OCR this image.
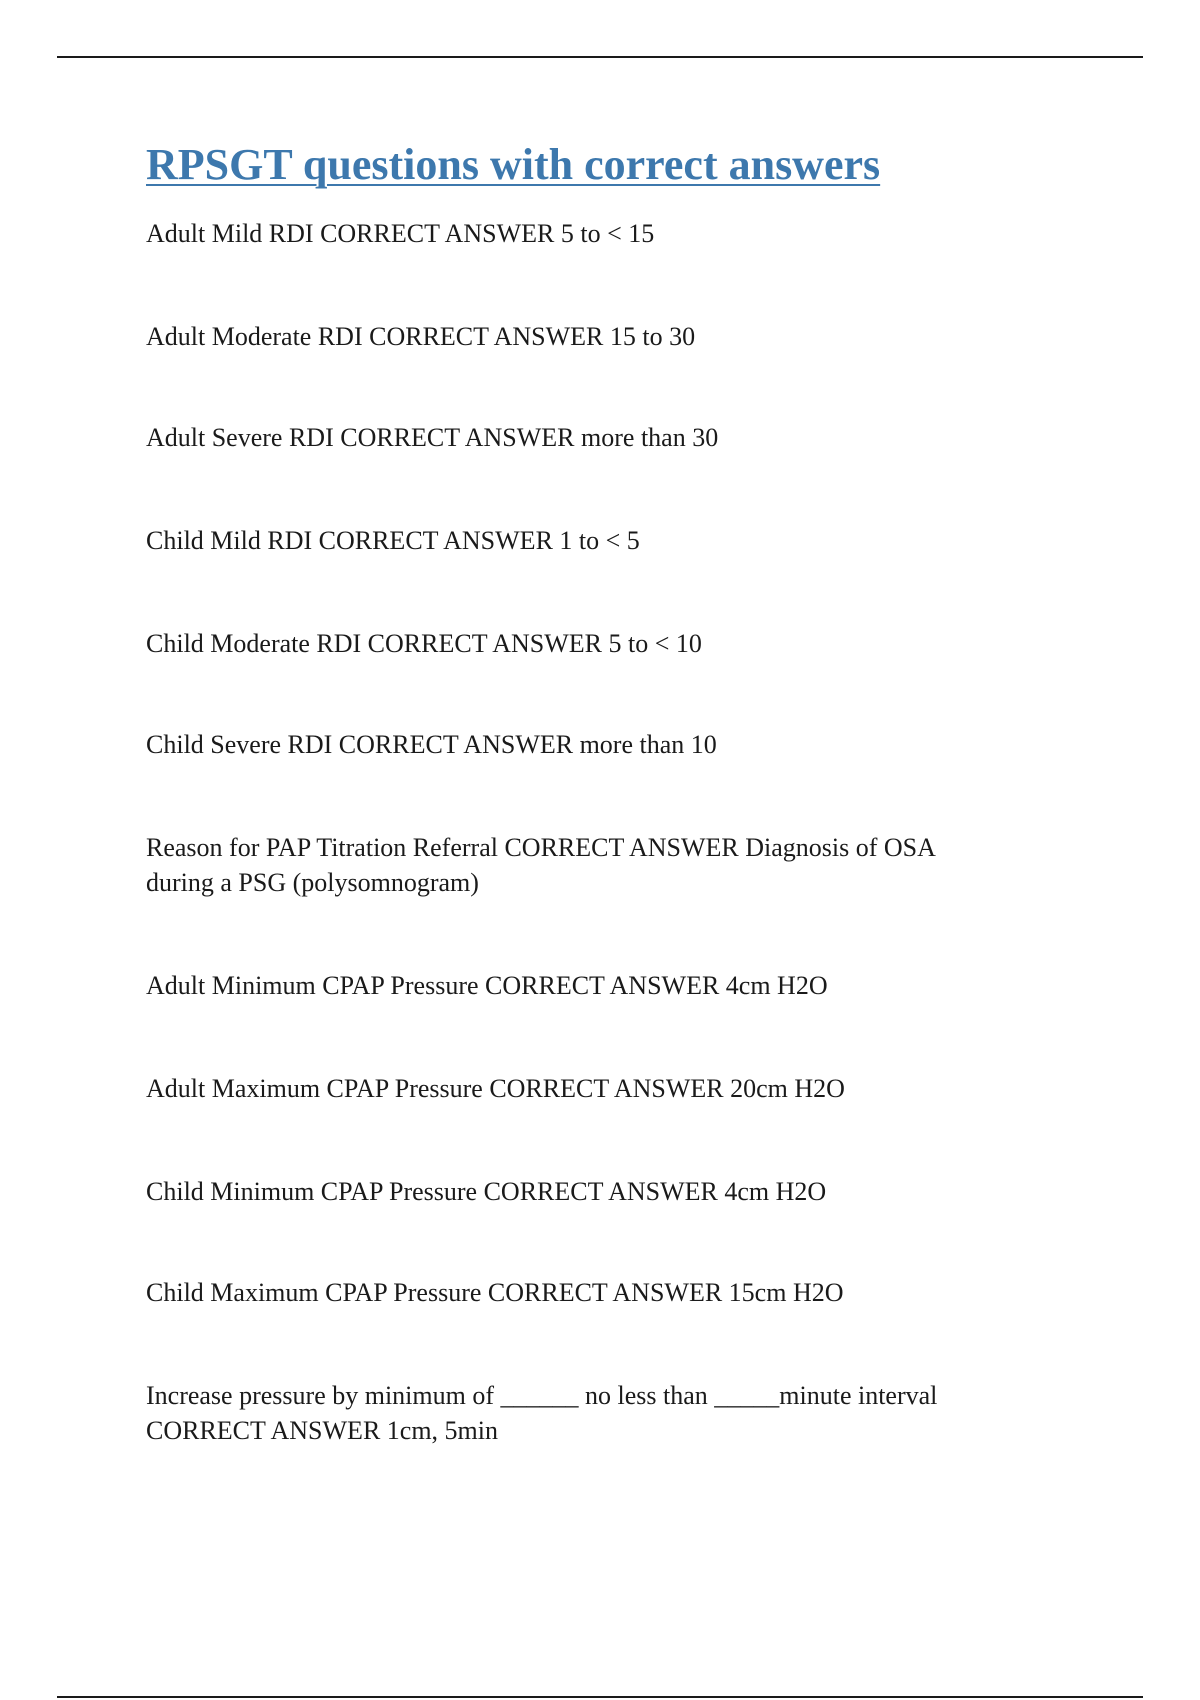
RPSGT questions with correct answers

Adult Mild RDI CORRECT ANSWER 5 to < 15

Adult Moderate RDI CORRECT ANSWER 15 to 30

Adult Severe RDI CORRECT ANSWER more than 30

Child Mild RDI CORRECT ANSWER 1 to < 5

Child Moderate RDI CORRECT ANSWER 5 to < 10

Child Severe RDI CORRECT ANSWER more than 10

Reason for PAP Titration Referral CORRECT ANSWER Diagnosis of OSA
during a PSG (polysomnogram)

Adult Minimum CPAP Pressure CORRECT ANSWER 4cm H2O

Adult Maximum CPAP Pressure CORRECT ANSWER 20cm H2O

Child Minimum CPAP Pressure CORRECT ANSWER 4cm H2O

Child Maximum CPAP Pressure CORRECT ANSWER 15cm H2O

Increase pressure by minimum of ______ no less than _____minute interval
CORRECT ANSWER 1cm, 5min
